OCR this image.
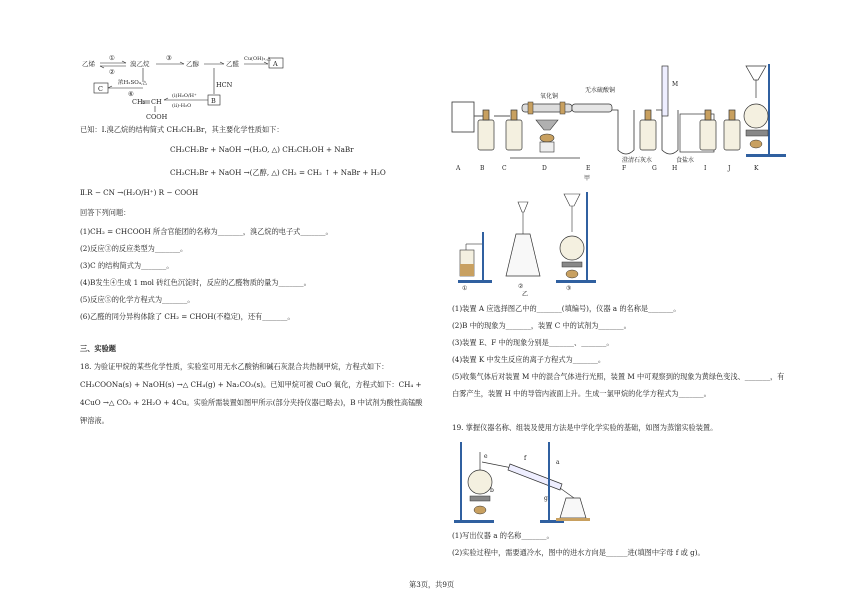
乙烯
①
②
溴乙烷
③
乙醇	乙醛
Cu(OH)₂,△
A
浓H₂SO₄,△
C
⑥
CH₂ CH
COOH
(ⅰ)H₂O/H⁺
(ⅱ)-H₂O
B
HCN
已知：Ⅰ.溴乙烷的结构简式 CH₃CH₂Br，其主要化学性质如下：
CH₃CH₂Br + NaOH →(H₂O, △) CH₃CH₂OH + NaBr
CH₃CH₂Br + NaOH →(乙醇, △) CH₂ = CH₂ ↑ + NaBr + H₂O
Ⅱ.R − CN →(H₂O/H⁺) R − COOH
回答下列问题：
(1)CH₂ = CHCOOH 所含官能团的名称为_______，溴乙烷的电子式_______。
(2)反应③的反应类型为_______。
(3)C 的结构简式为_______。
(4)B发生④生成 1 mol 砖红色沉淀时，反应的乙醛物质的量为_______。
(5)反应⑤的化学方程式为_______。
(6)乙醛的同分异构体除了 CH₂ = CHOH(不稳定)，还有_______。
三、实验题
18. 为验证甲烷的某些化学性质，实验室可用无水乙酸钠和碱石灰混合共热制甲烷，方程式如下：
CH₃COONa(s) + NaOH(s) →△ CH₄(g) + Na₂CO₃(s)。已知甲烷可被 CuO 氧化，方程式如下：CH₄ +
4CuO →△ CO₂ + 2H₂O + 4Cu。实验所需装置如图甲所示(部分夹持仪器已略去)，B 中试剂为酸性高锰酸
钾溶液。
氧化铜
无水硫酸铜
澄清石灰水
M
食盐水
A	B	C	D	E	F	G	H	I	J	K
甲
①	②
乙
③
(1)装置 A 应选择图乙中的_______(填编号)，仪器 a 的名称是_______。
(2)B 中的现象为_______，装置 C 中的试剂为_______。
(3)装置 E、F 中的现象分别是_______、_______。
(4)装置 K 中发生反应的离子方程式为_______。
(5)收集气体后对装置 M 中的混合气体进行光照，装置 M 中可观察到的现象为黄绿色变浅、_______，有
白雾产生，装置 H 中的导管内液面上升。生成一氯甲烷的化学方程式为_______。
19. 掌握仪器名称、组装及使用方法是中学化学实验的基础，如图为蒸馏实验装置。
a
b
e	f
g
(1)写出仪器 a 的名称_______。
(2)实验过程中，需要通冷水，图中的进水方向是______进(填图中字母 f 或 g)。
第3页，共9页
